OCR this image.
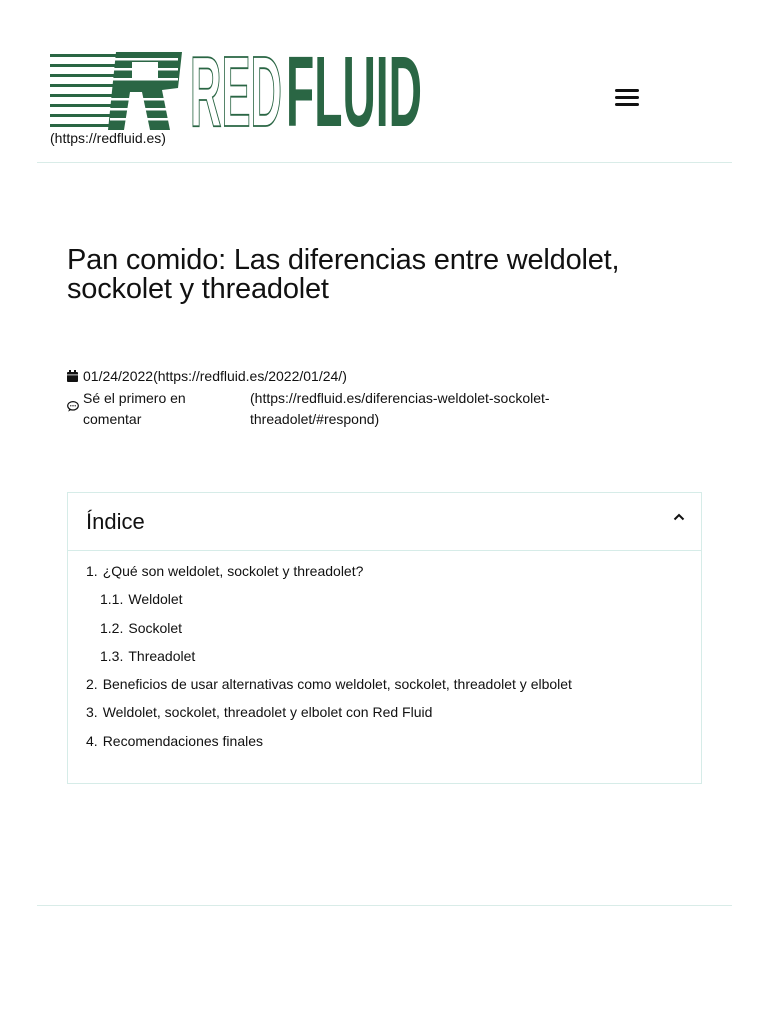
RED FLUID
(https://redfluid.es)
Pan comido: Las diferencias entre weldolet, sockolet y threadolet
01/24/2022(https://redfluid.es/2022/01/24/)
Sé el primero en comentar
(https://redfluid.es/diferencias-weldolet-sockolet-threadolet/#respond)
Índice
1. ¿Qué son weldolet, sockolet y threadolet?
1.1. Weldolet
1.2. Sockolet
1.3. Threadolet
2. Beneficios de usar alternativas como weldolet, sockolet, threadolet y elbolet
3. Weldolet, sockolet, threadolet y elbolet con Red Fluid
4. Recomendaciones finales
